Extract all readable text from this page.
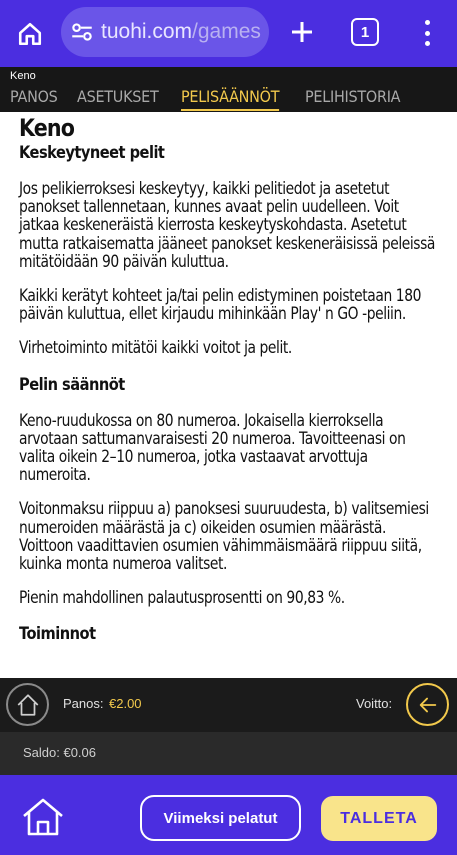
tuohi.com/games	1
Keno
PANOS ASETUKSET PELISÄÄNNÖT PELIHISTORIA
Keno
Keskeytyneet pelit

Jos pelikierroksesi keskeytyy, kaikki pelitiedot ja asetetut panokset tallennetaan, kunnes avaat pelin uudelleen. Voit jatkaa keskeneräistä kierrosta keskeytyskohdasta. Asetetut mutta ratkaisematta jääneet panokset keskeneräisissä peleissä mitätöidään 90 päivän kuluttua.

Kaikki kerätyt kohteet ja/tai pelin edistyminen poistetaan 180 päivän kuluttua, ellet kirjaudu mihinkään Play' n GO -peliin.

Virhetoiminto mitätöi kaikki voitot ja pelit.

Pelin säännöt

Keno-ruudukossa on 80 numeroa. Jokaisella kierroksella arvotaan sattumanvaraisesti 20 numeroa. Tavoitteenasi on valita oikein 2–10 numeroa, jotka vastaavat arvottuja numeroita.

Voitonmaksu riippuu a) panoksesi suuruudesta, b) valitsemiesi numeroiden määrästä ja c) oikeiden osumien määrästä. Voittoon vaadittavien osumien vähimmäismäärä riippuu siitä, kuinka monta numeroa valitset.

Pienin mahdollinen palautusprosentti on 90,83 %.

Toiminnot
Panos: €2.00	Voitto:
Saldo: €0.06
Viimeksi pelatut	TALLETA
